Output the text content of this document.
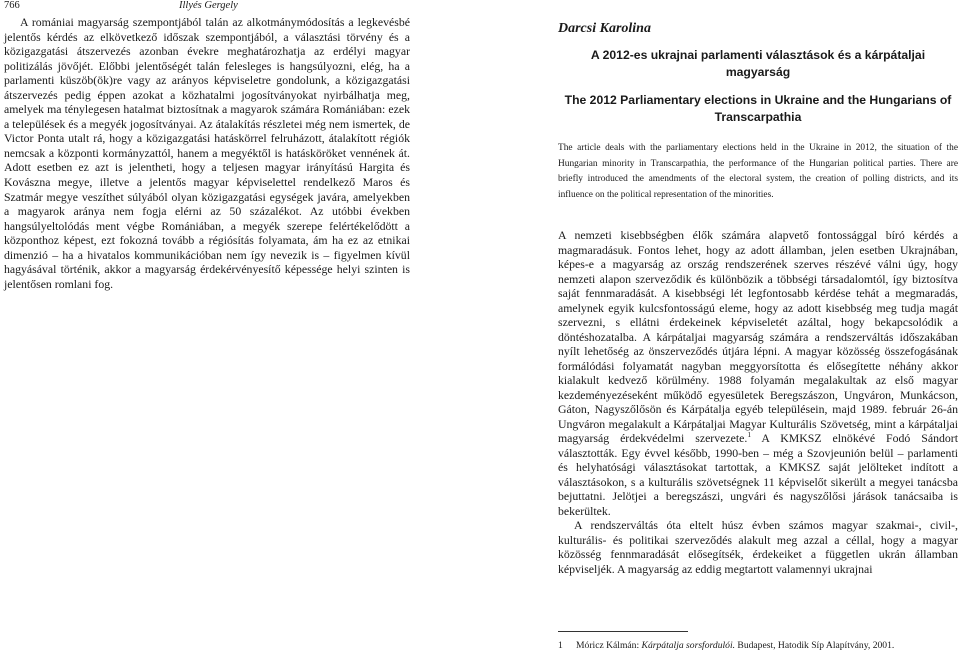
766	Illyés Gergely

A romániai magyarság szempontjából talán az alkotmánymódosítás a legkevésbé jelentős kérdés az elkövetkező időszak szempontjából, a választási törvény és a közigazgatási átszervezés azonban évekre meghatározhatja az erdélyi magyar politizálás jövőjét. Előbbi jelentőségét talán felesleges is hangsúlyozni, elég, ha a parlamenti küszöb(ök)re vagy az arányos képviseletre gondolunk, a közigazgatási átszervezés pedig éppen azokat a közhatalmi jogosítványokat nyirbálhatja meg, amelyek ma ténylegesen hatalmat biztosítnak a magyarok számára Romániában: ezek a települések és a megyék jogosítványai. Az átalakítás részletei még nem ismertek, de Victor Ponta utalt rá, hogy a közigazgatási hatáskörrel felruházott, átalakított régiók nemcsak a központi kormányzattól, hanem a megyéktől is hatásköröket vennének át. Adott esetben ez azt is jelentheti, hogy a teljesen magyar irányítású Hargita és Kovászna megye, illetve a jelentős magyar képviselettel rendelkező Maros és Szatmár megye veszíthet súlyából olyan közigazgatási egységek javára, amelyekben a magyarok aránya nem fogja elérni az 50 százalékot. Az utóbbi években hangsúlyeltolódás ment végbe Romániában, a megyék szerepe felértékelődött a központhoz képest, ezt fokozná tovább a régiósítás folyamata, ám ha ez az etnikai dimenzió – ha a hivatalos kommunikációban nem így nevezik is – figyelmen kívül hagyásával történik, akkor a magyarság érdekérvényesítő képessége helyi szinten is jelentősen romlani fog.

Darcsi Karolina

A 2012-es ukrajnai parlamenti választások és a kárpátaljai magyarság

The 2012 Parliamentary elections in Ukraine and the Hungarians of Transcarpathia

The article deals with the parliamentary elections held in the Ukraine in 2012, the situation of the Hungarian minority in Transcarpathia, the performance of the Hungarian political parties. There are briefly introduced the amendments of the electoral system, the creation of polling districts, and its influence on the political representation of the minorities.

A nemzeti kisebbségben élők számára alapvető fontossággal bíró kérdés a magmaradásuk. Fontos lehet, hogy az adott államban, jelen esetben Ukrajnában, képes-e a magyarság az ország rendszerének szerves részévé válni úgy, hogy nemzeti alapon szerveződik és különbözik a többségi társadalomtól, így biztosítva saját fennmaradását. A kisebbségi lét legfontosabb kérdése tehát a megmaradás, amelynek egyik kulcsfontosságú eleme, hogy az adott kisebbség meg tudja magát szervezni, s ellátni érdekeinek képviseletét azáltal, hogy bekapcsolódik a döntéshozatalba. A kárpátaljai magyarság számára a rendszerváltás időszakában nyílt lehetőség az önszerveződés útjára lépni. A magyar közösség összefogásának formálódási folyamatát nagyban meggyorsította és elősegítette néhány akkor kialakult kedvező körülmény. 1988 folyamán megalakultak az első magyar kezdeményezéseként működő egyesületek Beregszászon, Ungváron, Munkácson, Gáton, Nagyszőlősön és Kárpátalja egyéb településein, majd 1989. február 26-án Ungváron megalakult a Kárpátaljai Magyar Kulturális Szövetség, mint a kárpátaljai magyarság érdekvédelmi szervezete.$^1$ A KMKSZ elnökévé Fodó Sándort választották. Egy évvel később, 1990-ben – még a Szovjeunión belül – parlamenti és helyhatósági választásokat tartottak, a KMKSZ saját jelölteket indított a választásokon, s a kulturális szövetségnek 11 képviselőt sikerült a megyei tanácsba bejuttatni. Jelötjei a beregszászi, ungvári és nagyszőlősi járások tanácsaiba is bekerültek.

A rendszerváltás óta eltelt húsz évben számos magyar szakmai-, civil-, kulturális- és politikai szerveződés alakult meg azzal a céllal, hogy a magyar közösség fennmaradását elősegítsék, érdekeiket a független ukrán államban képviseljék. A magyarság az eddig megtartott valamennyi ukrajnai

1 Móricz Kálmán: Kárpátalja sorsfordulói. Budapest, Hatodik Síp Alapítvány, 2001.
